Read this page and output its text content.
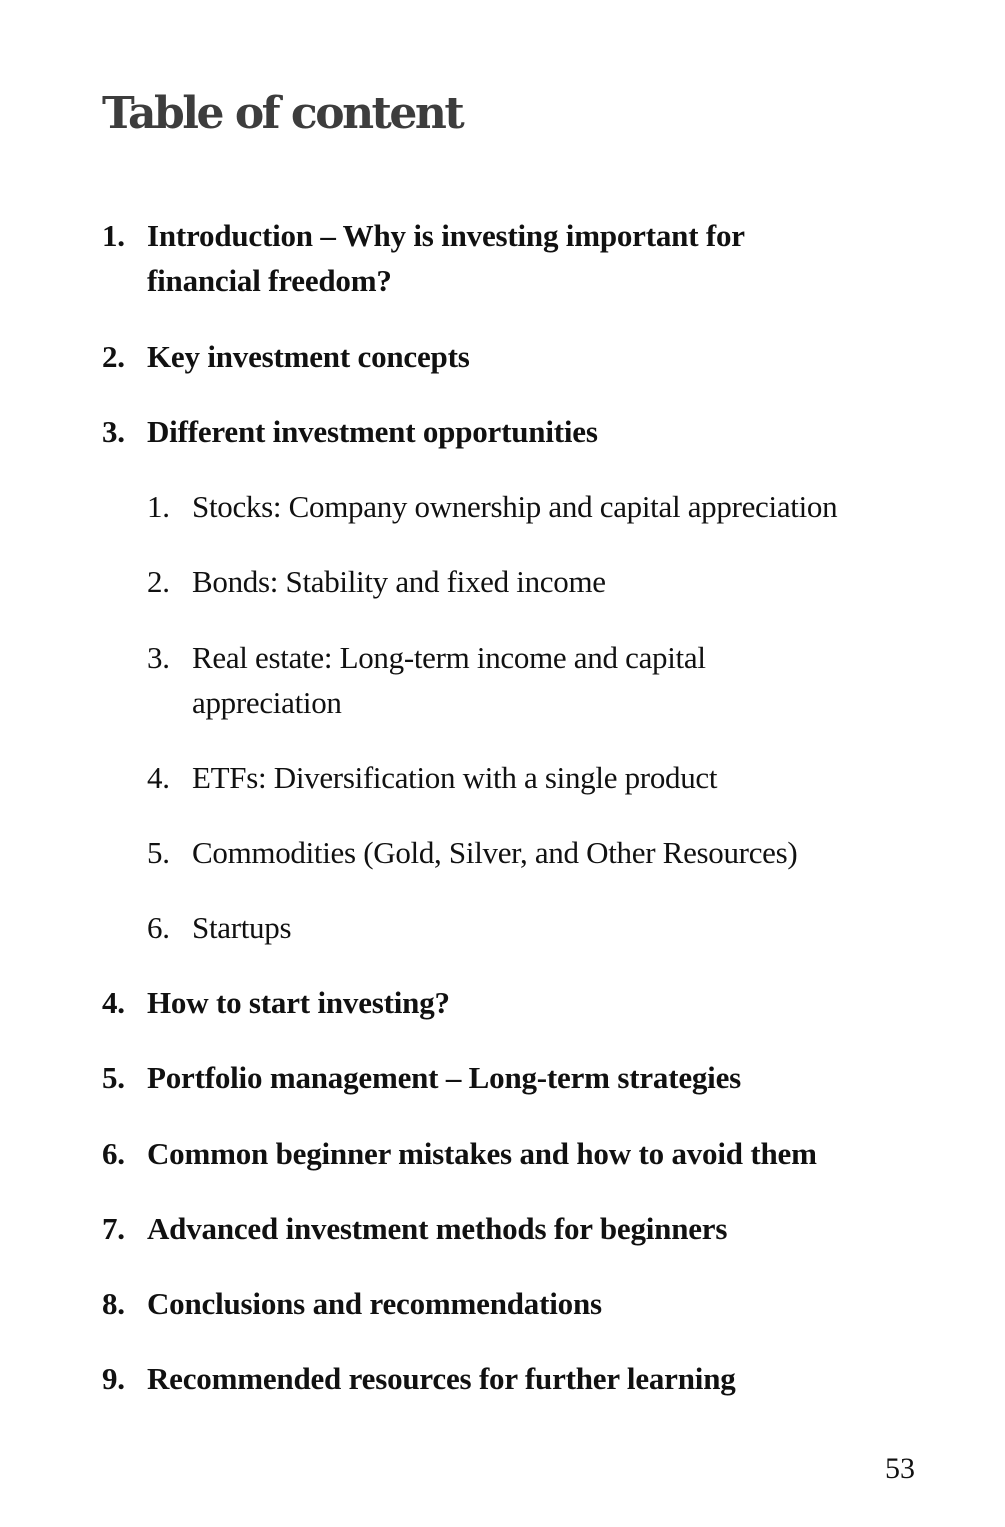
Table of content
1. Introduction – Why is investing important for financial freedom?
2. Key investment concepts
3. Different investment opportunities
1. Stocks: Company ownership and capital appreciation
2. Bonds: Stability and fixed income
3. Real estate: Long-term income and capital appreciation
4. ETFs: Diversification with a single product
5. Commodities (Gold, Silver, and Other Resources)
6. Startups
4. How to start investing?
5. Portfolio management – Long-term strategies
6. Common beginner mistakes and how to avoid them
7. Advanced investment methods for beginners
8. Conclusions and recommendations
9. Recommended resources for further learning
53
